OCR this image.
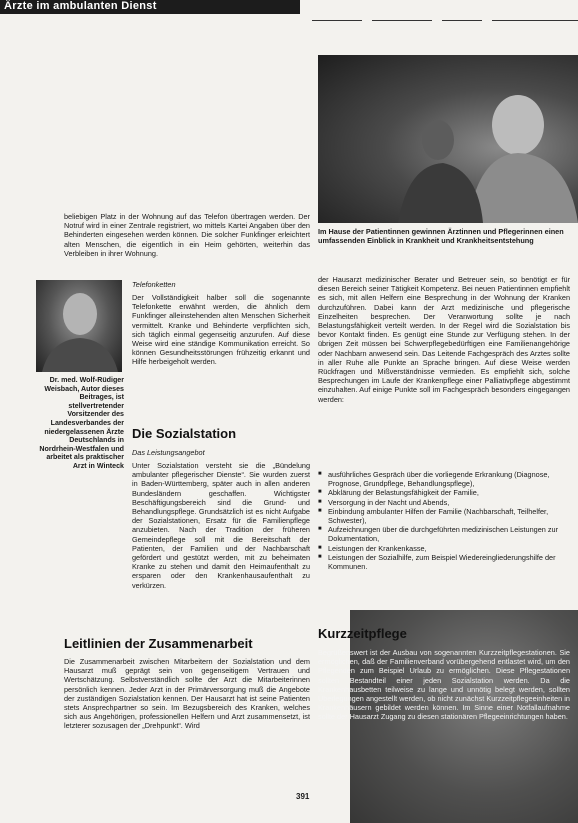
Ärzte im ambulanten Dienst
beliebigen Platz in der Wohnung auf das Telefon übertragen werden. Der Notruf wird in einer Zentrale registriert, wo mittels Kartei Angaben über den Behinderten eingesehen werden können. Die solcher Funkfinger erleichtert alten Menschen, die eigentlich in ein Heim gehörten, weiterhin das Verbleiben in ihrer Wohnung.
Telefonketten
Der Vollständigkeit halber soll die sogenannte Telefonkette erwähnt werden, die ähnlich dem Funkfinger alleinstehenden alten Menschen Sicherheit vermittelt. Kranke und Behinderte verpflichten sich, sich täglich einmal gegenseitig anzurufen. Auf diese Weise wird eine ständige Kommunikation erreicht. So können Gesundheitsstörungen frühzeitig erkannt und Hilfe herbeigeholt werden.
Dr. med. Wolf-Rüdiger Weisbach, Autor dieses Beitrages, ist stellvertretender Vorsitzender des Landesverbandes der niedergelassenen Ärzte Deutschlands in Nordrhein-Westfalen und arbeitet als praktischer Arzt in Winteck
Die Sozialstation
Das Leistungsangebot
Unter Sozialstation versteht sie die „Bündelung ambulanter pflegerischer Dienste“. Sie wurden zuerst in Baden-Württemberg, später auch in allen anderen Bundesländern geschaffen. Wichtigster Beschäftigungsbereich sind die Grund- und Behandlungspflege. Grundsätzlich ist es nicht Aufgabe der Sozialstationen, Ersatz für die Familienpflege anzubieten. Nach der Tradition der früheren Gemeindepflege soll mit die Bereitschaft der Patienten, der Familien und der Nachbarschaft gefördert und gestützt werden, mit zu beheimaten Kranke zu stehen und damit den Heimaufenthalt zu ersparen oder den Krankenhausaufenthalt zu verkürzen.
Leitlinien der Zusammenarbeit
Die Zusammenarbeit zwischen Mitarbeitern der Sozialstation und dem Hausarzt muß geprägt sein von gegenseitigem Vertrauen und Wertschätzung. Selbstverständlich sollte der Arzt die Mitarbeiterinnen persönlich kennen. Jeder Arzt in der Primärversorgung muß die Angebote der zuständigen Sozialstation kennen. Der Hausarzt hat ist seine Patienten stets Ansprechpartner so sein. Im Bezugsbereich des Kranken, welches sich aus Angehörigen, professionellen Helfern und Arzt zusammensetzt, ist letzterer sozusagen der „Drehpunkt“. Wird
Im Hause der Patientinnen gewinnen Ärztinnen und Pflegerinnen einen umfassenden Einblick in Krankheit und Krankheitsentstehung
der Hausarzt medizinischer Berater und Betreuer sein, so benötigt er für diesen Bereich seiner Tätigkeit Kompetenz. Bei neuen Patientinnen empfiehlt es sich, mit allen Helfern eine Besprechung in der Wohnung der Kranken durchzuführen. Dabei kann der Arzt medizinische und pflegerische Einzelheiten besprechen. Der Veranwortung sollte je nach Belastungsfähigkeit verteilt werden. In der Regel wird die Sozialstation bis bevor Kontakt finden. Es genügt eine Stunde zur Verfügung stehen. In der übrigen Zeit müssen bei Schwerpflegebedürftigen eine Familienangehörige oder Nachbarn anwesend sein. Das Leitende Fachgespräch des Arztes sollte in aller Ruhe alle Punkte an Sprache bringen. Auf diese Weise werden Rückfragen und Mißverständnisse vermieden. Es empfiehlt sich, solche Besprechungen im Laufe der Krankenpflege einer Palliativpflege abgestimmt einzuhalten. Auf einige Punkte soll im Fachgespräch besonders eingegangen werden:
■ ausführliches Gespräch über die vorliegende Erkrankung (Diagnose, Prognose, Grundpflege, Behandlungspflege),
■ Abklärung der Belastungsfähigkeit der Familie,
■ Versorgung in der Nacht und Abends,
■ Einbindung ambulanter Hilfen der Familie (Nachbarschaft, Teilhelfer, Schwester),
■ Aufzeichnungen über die durchgeführten medizinischen Leistungen zur Dokumentation,
■ Leistungen der Krankenkasse,
■ Leistungen der Sozialhilfe, zum Beispiel Wiedereingliederungshilfe der Kommunen.
Kurzzeitpflege
Begrüßenswert ist der Ausbau von sogenannten Kurzzeitpflegestationen. Sie ermöglichen, daß der Familienverband vorübergehend entlastet wird, um den Pflegenden zum Beispiel Urlaub zu ermöglichen. Diese Pflegestationen sollten Bestandteil einer jeden Sozialstation werden. Da die Krankenhausbetten teilweise zu lange und unnötig belegt werden, sollten Überlegungen angestellt werden, ob nicht zunächst Kurzzeitpflegeeinheiten in Krankenhäusern gebildet werden können. Im Sinne einer Notfallaufnahme sollte der Hausarzt Zugang zu diesen stationären Pflegeeinrichtungen haben.
391
